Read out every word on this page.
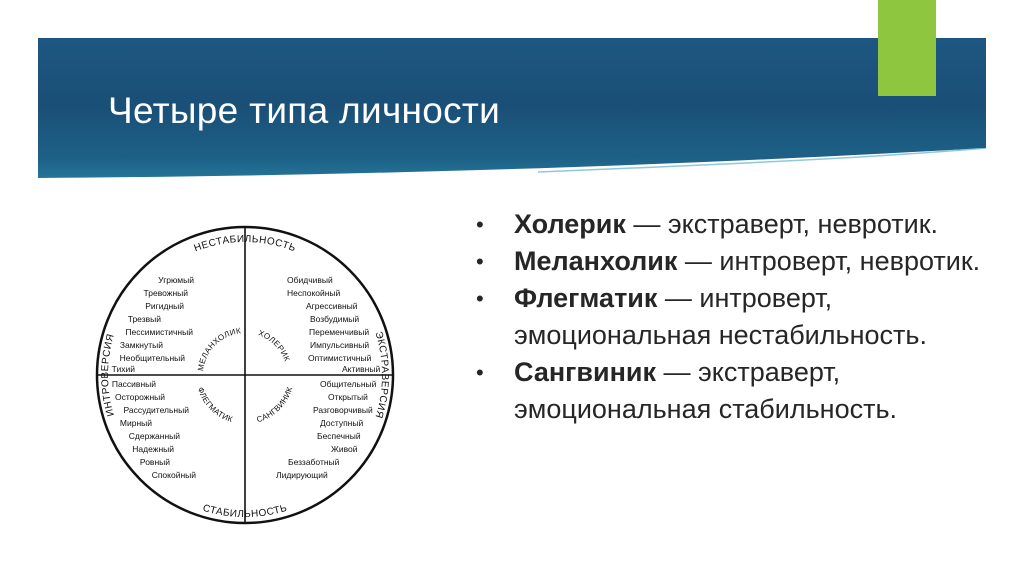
Четыре типа личности
НЕСТАБИЛЬНОСТЬ
СТАБИЛЬНОСТЬ
ИНТРОВЕРСИЯ	ЭКСТРАВЕРСИЯ
МЕЛАНХОЛИК ХОЛЕРИК
ФЛЕГМАТИК	САНГВИНИК
Угрюмый
Тревожный
Ригидный
Трезвый
Пессимистичный
Замкнутый
Необщительный
Тихий
Обидчивый
Неспокойный
Агрессивный
Возбудимый
Переменчивый
Импульсивный
Оптимистичный
Активный
Пассивный
Осторожный
Рассудительный
Мирный
Сдержанный
Надежный
Ровный
Спокойный
Общительный
Открытый
Разговорчивый
Доступный
Беспечный
Живой
Беззаботный
Лидирующий
• Холерик — экстраверт, невротик.
• Меланхолик — интроверт, невротик.
• Флегматик — интроверт, эмоциональная нестабильность.
• Сангвиник — экстраверт, эмоциональная стабильность.
